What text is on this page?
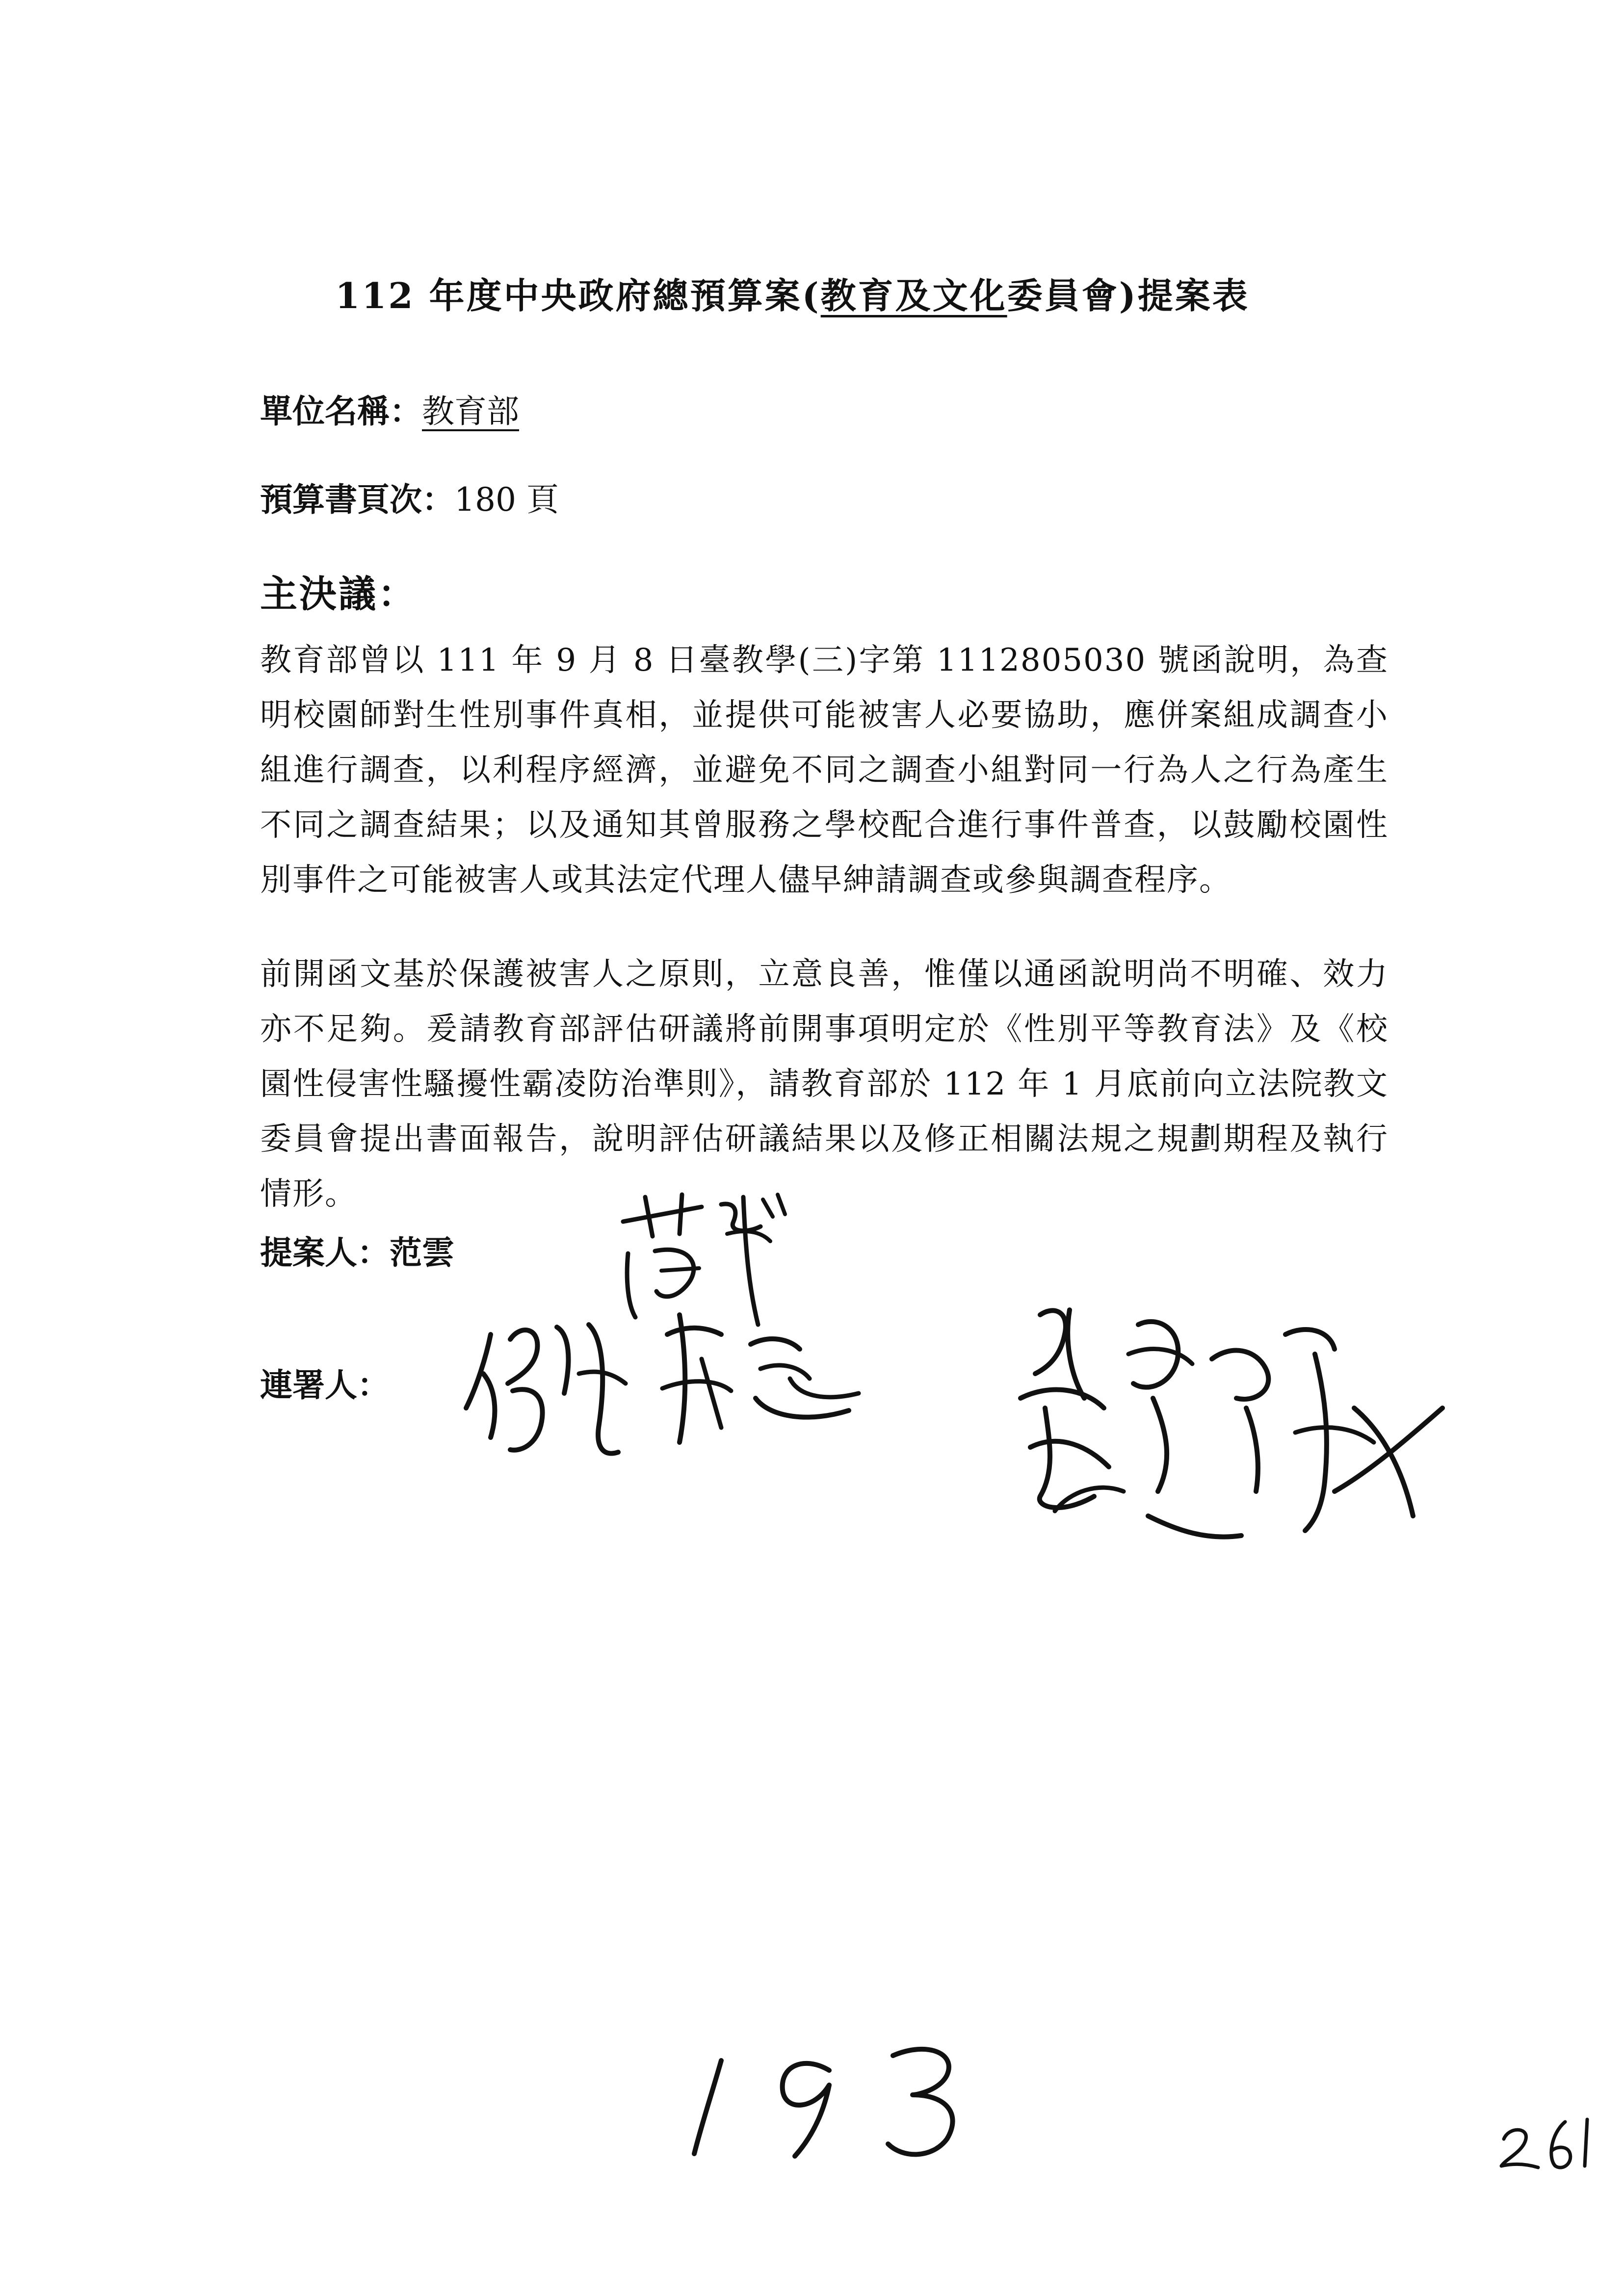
112 年度中央政府總預算案(教育及文化委員會)提案表
單位名稱：教育部
預算書頁次：180 頁
主決議：

教育部曾以 111 年 9 月 8 日臺教學(三)字第 1112805030 號函說明，為查明校園師對生性別事件真相，並提供可能被害人必要協助，應併案組成調查小組進行調查，以利程序經濟，並避免不同之調查小組對同一行為人之行為產生不同之調查結果；以及通知其曾服務之學校配合進行事件普查，以鼓勵校園性別事件之可能被害人或其法定代理人儘早紳請調查或參與調查程序。

前開函文基於保護被害人之原則，立意良善，惟僅以通函說明尚不明確、效力亦不足夠。爰請教育部評估研議將前開事項明定於《性別平等教育法》及《校園性侵害性騷擾性霸凌防治準則》，請教育部於 112 年 1 月底前向立法院教文委員會提出書面報告，說明評估研議結果以及修正相關法規之規劃期程及執行情形。

提案人：范雲
連署人：
